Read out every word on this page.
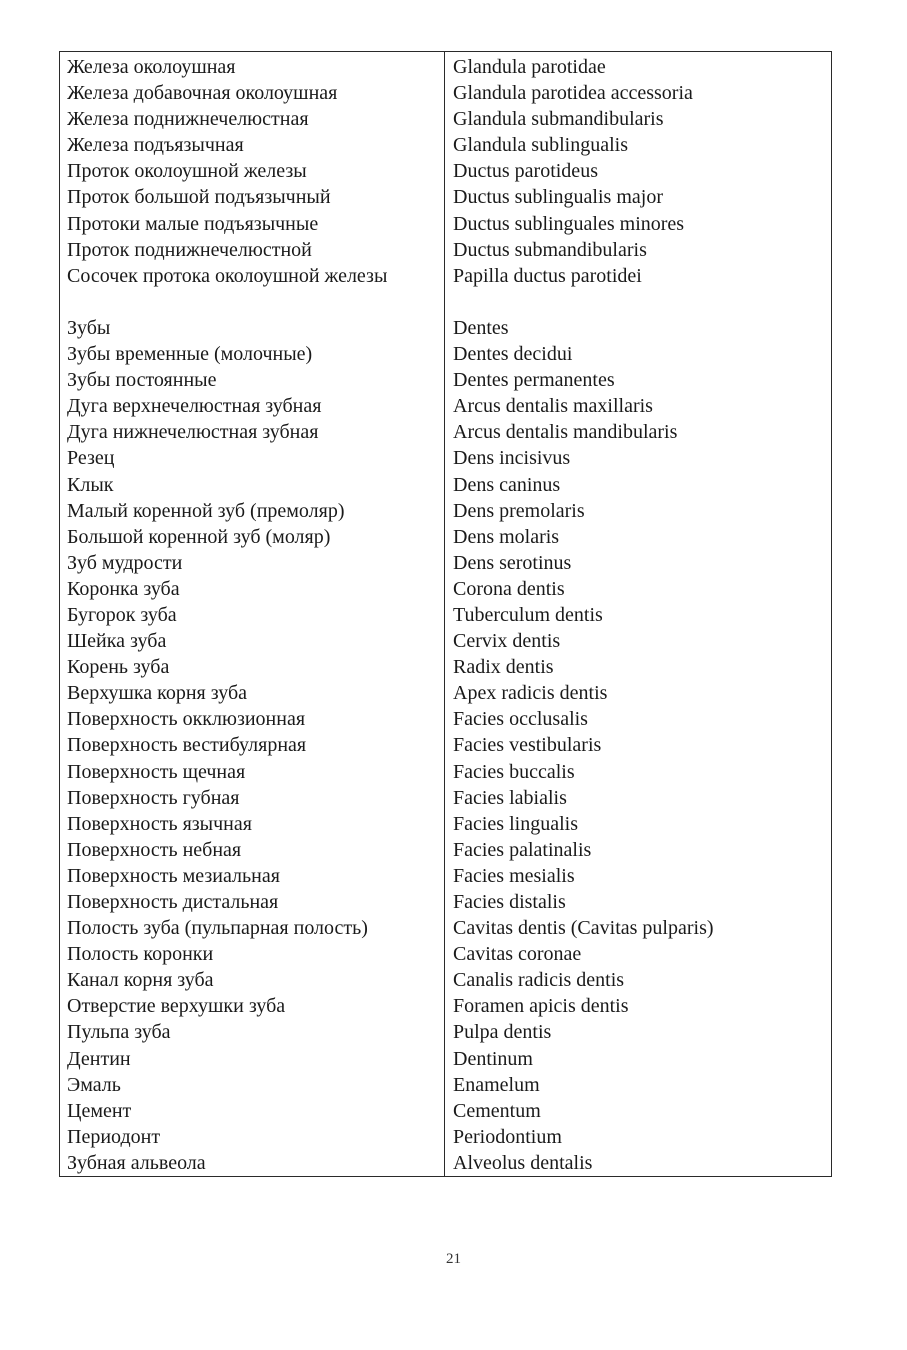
Железа околоушная	Glandula parotidae
Железа добавочная околоушная	Glandula parotidea accessoria
Железа поднижнечелюстная	Glandula submandibularis
Железа подъязычная	Glandula sublingualis
Проток околоушной железы	Ductus parotideus
Проток большой подъязычный	Ductus sublingualis major
Протоки малые подъязычные	Ductus sublinguales minores
Проток поднижнечелюстной	Ductus submandibularis
Сосочек протока околоушной железы	Papilla ductus parotidei

Зубы	Dentes
Зубы временные (молочные)	Dentes decidui
Зубы постоянные	Dentes permanentes
Дуга верхнечелюстная зубная	Arcus dentalis maxillaris
Дуга нижнечелюстная зубная	Arcus dentalis mandibularis
Резец	Dens incisivus
Клык	Dens caninus
Малый коренной зуб (премоляр)	Dens premolaris
Большой коренной зуб (моляр)	Dens molaris
Зуб мудрости	Dens serotinus
Коронка зуба	Corona dentis
Бугорок зуба	Tuberculum dentis
Шейка зуба	Cervix dentis
Корень зуба	Radix dentis
Верхушка корня зуба	Apex radicis dentis
Поверхность окклюзионная	Facies occlusalis
Поверхность вестибулярная	Facies vestibularis
Поверхность щечная	Facies buccalis
Поверхность губная	Facies labialis
Поверхность язычная	Facies lingualis
Поверхность небная	Facies palatinalis
Поверхность мезиальная	Facies mesialis
Поверхность дистальная	Facies distalis
Полость зуба (пульпарная полость)	Cavitas dentis (Cavitas pulparis)
Полость коронки	Cavitas coronae
Канал корня зуба	Canalis radicis dentis
Отверстие верхушки зуба	Foramen apicis dentis
Пульпа зуба	Pulpa dentis
Дентин	Dentinum
Эмаль	Enamelum
Цемент	Cementum
Периодонт	Periodontium
Зубная альвеола	Alveolus dentalis
21
